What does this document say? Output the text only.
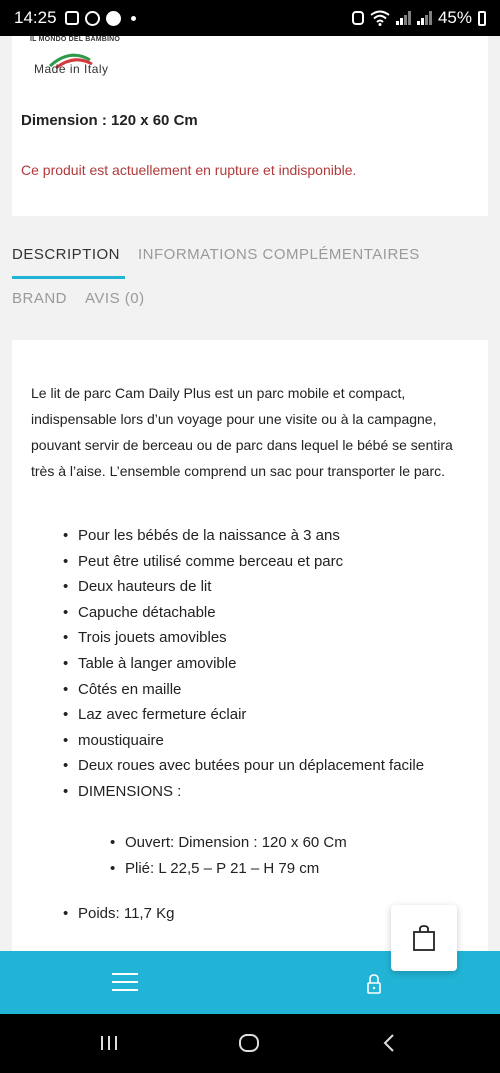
14:25	45%
IL MONDO DEL BAMBINO
Made in Italy
Dimension : 120 x 60 Cm
Ce produit est actuellement en rupture et indisponible.
DESCRIPTION INFORMATIONS COMPLÉMENTAIRES
BRAND AVIS (0)

Le lit de parc Cam Daily Plus est un parc mobile et compact, indispensable lors d’un voyage pour une visite ou à la campagne, pouvant servir de berceau ou de parc dans lequel le bébé se sentira très à l’aise. L’ensemble comprend un sac pour transporter le parc.

• Pour les bébés de la naissance à 3 ans
• Peut être utilisé comme berceau et parc
• Deux hauteurs de lit
• Capuche détachable
• Trois jouets amovibles
• Table à langer amovible
• Côtés en maille
• Laz avec fermeture éclair
• moustiquaire
• Deux roues avec butées pour un déplacement facile
• DIMENSIONS :
• Ouvert: Dimension : 120 x 60 Cm
• Plié: L 22,5 – P 21 – H 79 cm
• Poids: 11,7 Kg
